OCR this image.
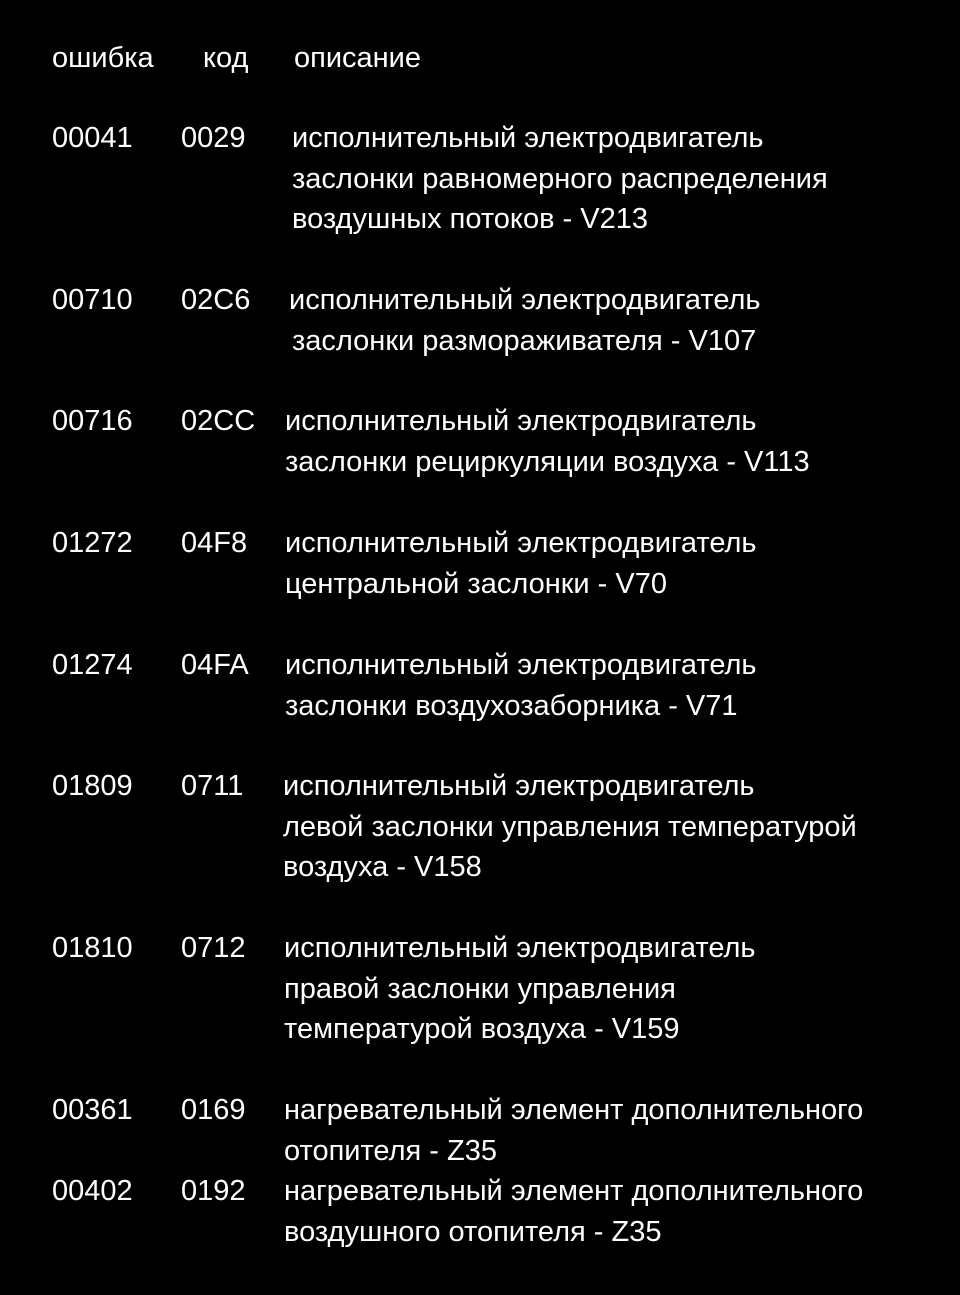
ошибка код описание
00041 0029 исполнительный электродвигатель
заслонки равномерного распределения
воздушных потоков - V213
00710 02C6 исполнительный электродвигатель
заслонки размораживателя - V107
00716 02CC исполнительный электродвигатель
заслонки рециркуляции воздуха - V113
01272 04F8 исполнительный электродвигатель
центральной заслонки - V70
01274 04FA исполнительный электродвигатель
заслонки воздухозаборника - V71
01809 0711 исполнительный электродвигатель
левой заслонки управления температурой
воздуха - V158
01810 0712 исполнительный электродвигатель
правой заслонки управления
температурой воздуха - V159
00361 0169 нагревательный элемент дополнительного
отопителя - Z35
00402 0192 нагревательный элемент дополнительного
воздушного отопителя - Z35
